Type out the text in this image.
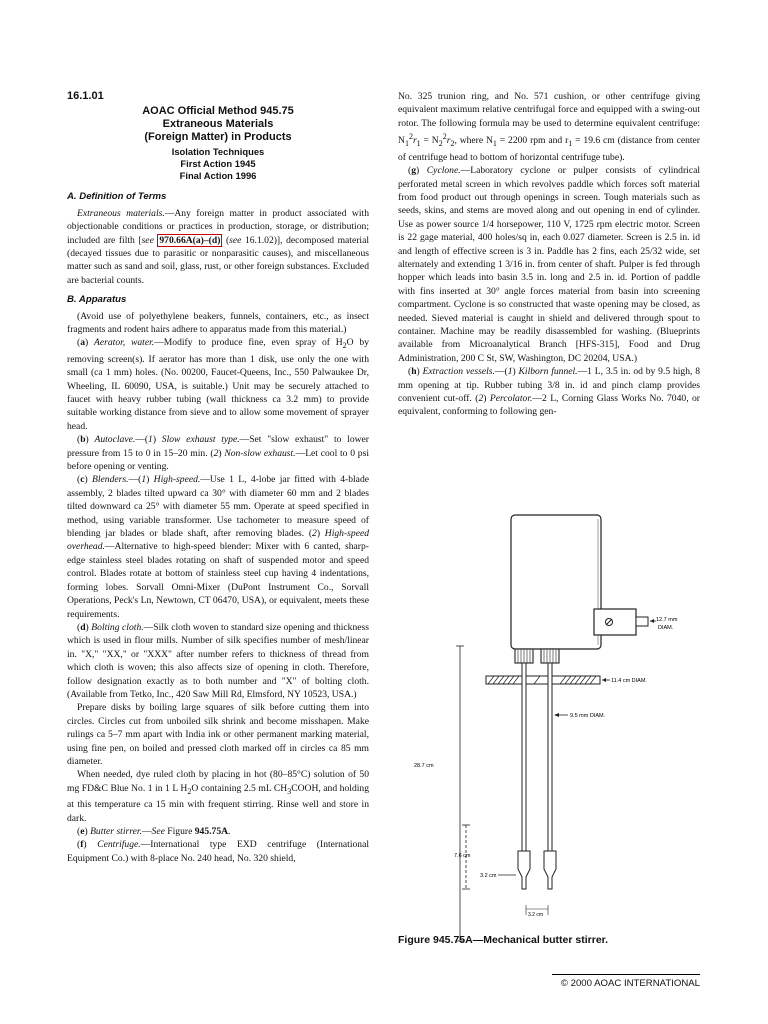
16.1.01
AOAC Official Method 945.75
Extraneous Materials
(Foreign Matter) in Products
Isolation Techniques
First Action 1945
Final Action 1996
A. Definition of Terms

Extraneous materials.—Any foreign matter in product associated with objectionable conditions or practices in production, storage, or distribution; included are filth [see 970.66A(a)–(d) (see 16.1.02)], decomposed material (decayed tissues due to parasitic or nonparasitic causes), and miscellaneous matter such as sand and soil, glass, rust, or other foreign substances. Excluded are bacterial counts.

B. Apparatus

(Avoid use of polyethylene beakers, funnels, containers, etc., as insect fragments and rodent hairs adhere to apparatus made from this material.)

(a) Aerator, water.—Modify to produce fine, even spray of $H_2O$ by removing screen(s). If aerator has more than 1 disk, use only the one with small (ca 1 mm) holes. (No. 00200, Faucet-Queens, Inc., 550 Palwaukee Dr, Wheeling, IL 60090, USA, is suitable.) Unit may be securely attached to faucet with heavy rubber tubing (wall thickness ca 3.2 mm) to provide suitable working distance from sieve and to allow some movement of sprayer head.

(b) Autoclave.—(1) Slow exhaust type.—Set "slow exhaust" to lower pressure from 15 to 0 in 15–20 min. (2) Non-slow exhaust.—Let cool to 0 psi before opening or venting.

(c) Blenders.—(1) High-speed.—Use 1 L, 4-lobe jar fitted with 4-blade assembly, 2 blades tilted upward ca 30° with diameter 60 mm and 2 blades tilted downward ca 25° with diameter 55 mm. Operate at speed specified in method, using variable transformer. Use tachometer to measure speed of blending jar blades or blade shaft, after removing blades. (2) High-speed overhead.—Alternative to high-speed blender: Mixer with 6 canted, sharp-edge stainless steel blades rotating on shaft of suspended motor and speed control. Blades rotate at bottom of stainless steel cup having 4 indentations, forming lobes. Sorvall Omni-Mixer (DuPont Instrument Co., Sorvall Operations, Peck's Ln, Newtown, CT 06470, USA), or equivalent, meets these requirements.

(d) Bolting cloth.—Silk cloth woven to standard size opening and thickness which is used in flour mills. Number of silk specifies number of mesh/linear in. "X," "XX," or "XXX" after number refers to thickness of thread from which cloth is woven; this also affects size of opening in cloth. Therefore, follow designation exactly as to both number and "X" of bolting cloth. (Available from Tetko, Inc., 420 Saw Mill Rd, Elmsford, NY 10523, USA.)

Prepare disks by boiling large squares of silk before cutting them into circles. Circles cut from unboiled silk shrink and become misshapen. Make rulings ca 5–7 mm apart with India ink or other permanent marking material, using fine pen, on boiled and pressed cloth marked off in circles ca 85 mm diameter.

When needed, dye ruled cloth by placing in hot (80–85°C) solution of 50 mg FD&C Blue No. 1 in 1 L $H_2O$ containing 2.5 mL $CH_3COOH$, and holding at this temperature ca 15 min with frequent stirring. Rinse well and store in dark.

(e) Butter stirrer.—See Figure 945.75A.

(f) Centrifuge.—International type EXD centrifuge (International Equipment Co.) with 8-place No. 240 head, No. 320 shield,

No. 325 trunion ring, and No. 571 cushion, or other centrifuge giving equivalent maximum relative centrifugal force and equipped with a swing-out rotor. The following formula may be used to determine equivalent centrifuge: $N_1^2r_1 = N_2^2r_2$, where $N_1 = 2200$ rpm and $r_1 = 19.6$ cm (distance from center of centrifuge head to bottom of horizontal centrifuge tube).

(g) Cyclone.—Laboratory cyclone or pulper consists of cylindrical perforated metal screen in which revolves paddle which forces soft material from food product out through openings in screen. Tough materials such as seeds, skins, and stems are moved along and out opening in end of cylinder. Use as power source 1/4 horsepower, 110 V, 1725 rpm electric motor. Screen is 22 gage material, 400 holes/sq in, each 0.027 diameter. Screen is 2.5 in. id and length of effective screen is 3 in. Paddle has 2 fins, each 25/32 wide, set alternately and extending 1 3/16 in. from center of shaft. Pulper is fed through hopper which leads into basin 3.5 in. long and 2.5 in. id. Portion of paddle with fins inserted at 30° angle forces material from basin into screening compartment. Cyclone is so constructed that waste opening may be closed, as needed. Sieved material is caught in shield and delivered through spout to container. Machine may be readily disassembled for washing. (Blueprints available from Microanalytical Branch [HFS-315], Food and Drug Administration, 200 C St, SW, Washington, DC 20204, USA.)

(h) Extraction vessels.—(1) Kilborn funnel.—1 L, 3.5 in. od by 9.5 high, 8 mm opening at tip. Rubber tubing 3/8 in. id and pinch clamp provides convenient cut-off. (2) Percolator.—2 L, Corning Glass Works No. 7040, or equivalent, conforming to following gen-

12.7 mm
DIAM.
11.4 cm DIAM.
9.5 mm DIAM.
28.7 cm
7.6 cm
3.2 cm
3.2 cm
Figure 945.75A—Mechanical butter stirrer.
© 2000 AOAC INTERNATIONAL
